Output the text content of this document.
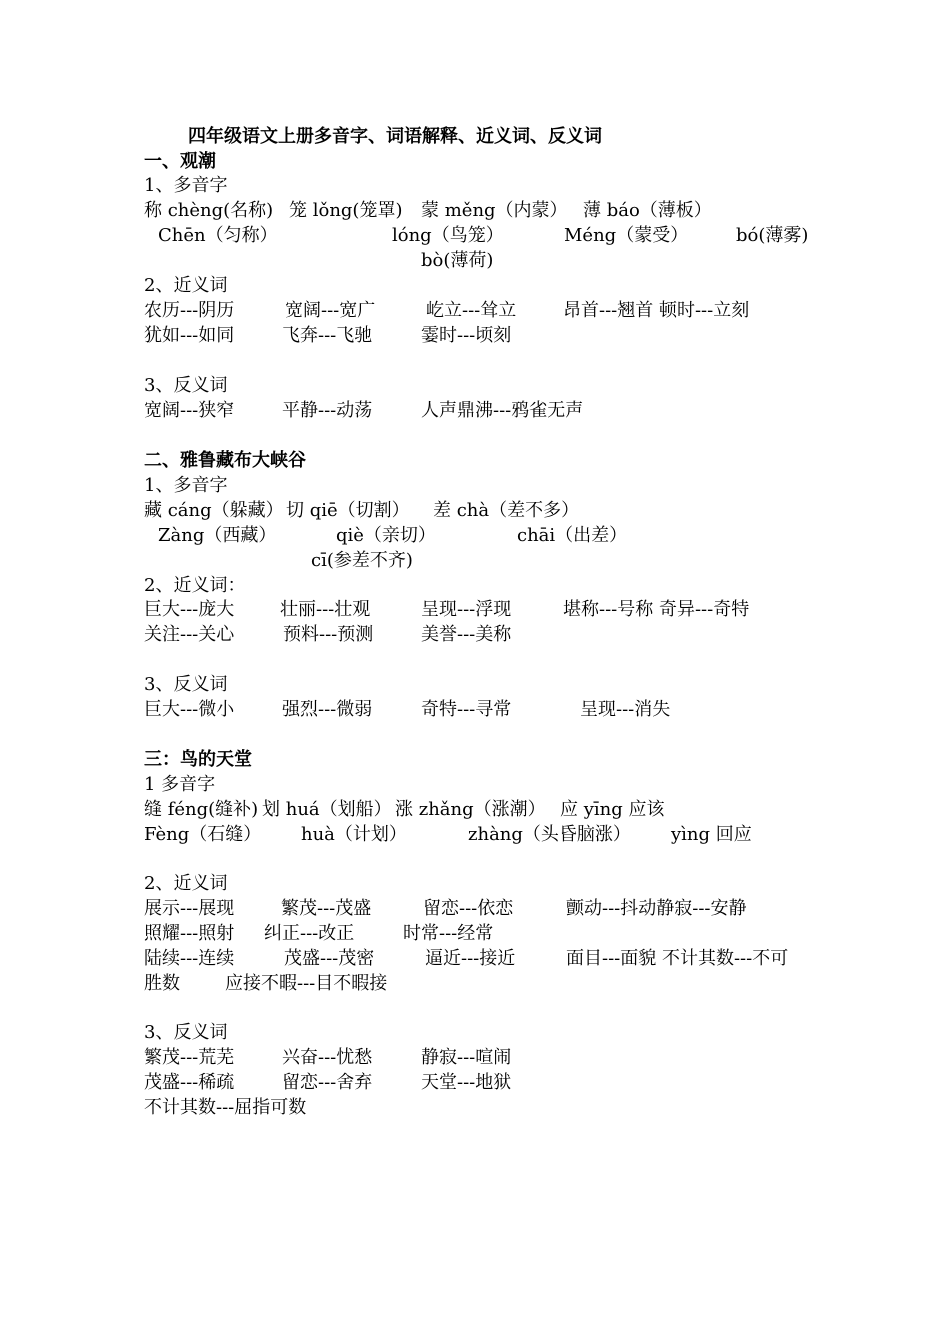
四年级语文上册多音字、词语解释、近义词、反义词
一、观潮
1、多音字
称 chèng(名称) 笼 lǒng(笼罩) 蒙 měng（内蒙） 薄 báo（薄板）
Chēn（匀称）	lóng（鸟笼）	Méng（蒙受）	bó(薄雾)
bò(薄荷)
2、近义词
农历---阴历	宽阔---宽广	屹立---耸立	昂首---翘首 顿时---立刻
犹如---如同	飞奔---飞驰	霎时---顷刻
3、反义词
宽阔---狭窄	平静---动荡	人声鼎沸---鸦雀无声
二、雅鲁藏布大峡谷
1、多音字
藏 cáng（躲藏） 切 qiē（切割） 差 chà（差不多）
Zàng（西藏）	qiè（亲切）	chāi（出差）
cī(参差不齐)
2、近义词：
巨大---庞大	壮丽---壮观	呈现---浮现	堪称---号称 奇异---奇特
关注---关心	预料---预测	美誉---美称
3、反义词
巨大---微小	强烈---微弱	奇特---寻常	呈现---消失
三：鸟的天堂
1 多音字
缝 féng(缝补) 划 huá（划船） 涨 zhǎng（涨潮） 应 yīng 应该
Fèng（石缝） huà（计划）	zhàng（头昏脑涨） yìng 回应
2、近义词
展示---展现	繁茂---茂盛	留恋---依恋	颤动---抖动静寂---安静
照耀---照射 纠正---改正	时常---经常
陆续---连续	茂盛---茂密	逼近---接近	面目---面貌 不计其数---不可
胜数	应接不暇---目不暇接
3、反义词
繁茂---荒芜	兴奋---忧愁	静寂---喧闹
茂盛---稀疏	留恋---舍弃	天堂---地狱
不计其数---屈指可数
